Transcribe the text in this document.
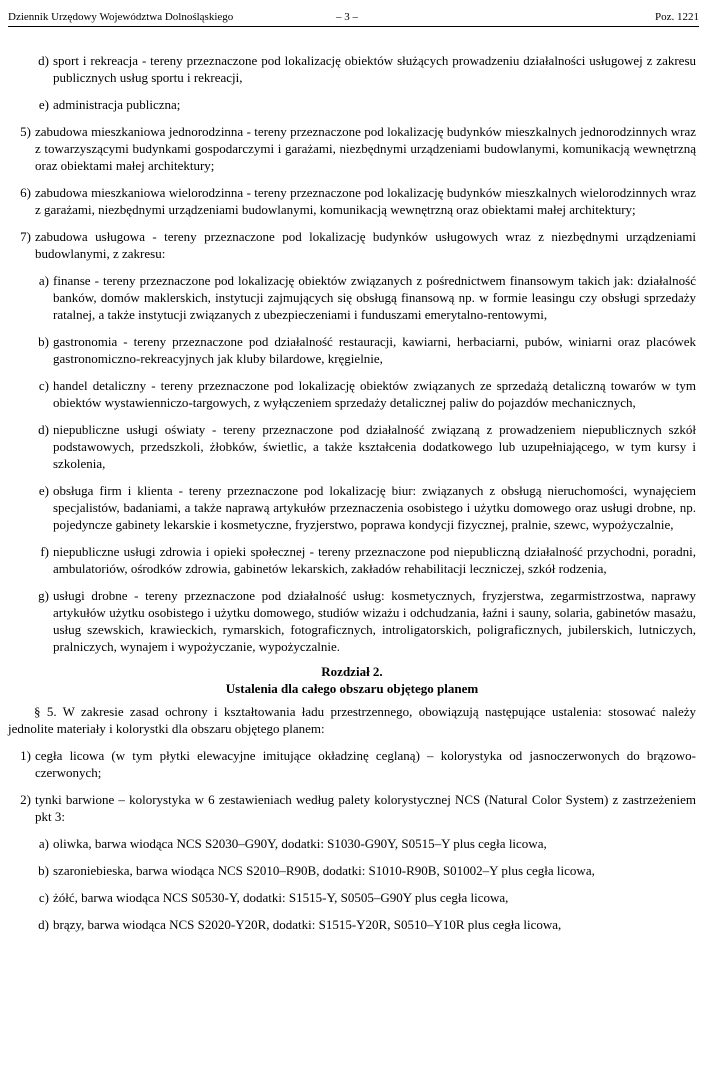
Dziennik Urzędowy Województwa Dolnośląskiego	– 3 –	Poz. 1221
d) sport i rekreacja - tereny przeznaczone pod lokalizację obiektów służących prowadzeniu działalności usługowej z zakresu publicznych usług sportu i rekreacji,
e) administracja publiczna;
5) zabudowa mieszkaniowa jednorodzinna - tereny przeznaczone pod lokalizację budynków mieszkalnych jednorodzinnych wraz z towarzyszącymi budynkami gospodarczymi i garażami, niezbędnymi urządzeniami budowlanymi, komunikacją wewnętrzną oraz obiektami małej architektury;
6) zabudowa mieszkaniowa wielorodzinna - tereny przeznaczone pod lokalizację budynków mieszkalnych wielorodzinnych wraz z garażami, niezbędnymi urządzeniami budowlanymi, komunikacją wewnętrzną oraz obiektami małej architektury;
7) zabudowa usługowa - tereny przeznaczone pod lokalizację budynków usługowych wraz z niezbędnymi urządzeniami budowlanymi, z zakresu:
a) finanse - tereny przeznaczone pod lokalizację obiektów związanych z pośrednictwem finansowym takich jak: działalność banków, domów maklerskich, instytucji zajmujących się obsługą finansową np. w formie leasingu czy obsługi sprzedaży ratalnej, a także instytucji związanych z ubezpieczeniami i funduszami emerytalno-rentowymi,
b) gastronomia - tereny przeznaczone pod działalność restauracji, kawiarni, herbaciarni, pubów, winiarni oraz placówek gastronomiczno-rekreacyjnych jak kluby bilardowe, kręgielnie,
c) handel detaliczny - tereny przeznaczone pod lokalizację obiektów związanych ze sprzedażą detaliczną towarów w tym obiektów wystawienniczo-targowych, z wyłączeniem sprzedaży detalicznej paliw do pojazdów mechanicznych,
d) niepubliczne usługi oświaty - tereny przeznaczone pod działalność związaną z prowadzeniem niepublicznych szkół podstawowych, przedszkoli, żłobków, świetlic, a także kształcenia dodatkowego lub uzupełniającego, w tym kursy i szkolenia,
e) obsługa firm i klienta - tereny przeznaczone pod lokalizację biur: związanych z obsługą nieruchomości, wynajęciem specjalistów, badaniami, a także naprawą artykułów przeznaczenia osobistego i użytku domowego oraz usługi drobne, np. pojedyncze gabinety lekarskie i kosmetyczne, fryzjerstwo, poprawa kondycji fizycznej, pralnie, szewc, wypożyczalnie,
f) niepubliczne usługi zdrowia i opieki społecznej - tereny przeznaczone pod niepubliczną działalność przychodni, poradni, ambulatoriów, ośrodków zdrowia, gabinetów lekarskich, zakładów rehabilitacji leczniczej, szkół rodzenia,
g) usługi drobne - tereny przeznaczone pod działalność usług: kosmetycznych, fryzjerstwa, zegarmistrzostwa, naprawy artykułów użytku osobistego i użytku domowego, studiów wizażu i odchudzania, łaźni i sauny, solaria, gabinetów masażu, usług szewskich, krawieckich, rymarskich, fotograficznych, introligatorskich, poligraficznych, jubilerskich, lutniczych, pralniczych, wynajem i wypożyczanie, wypożyczalnie.
Rozdział 2.
Ustalenia dla całego obszaru objętego planem
§ 5. W zakresie zasad ochrony i kształtowania ładu przestrzennego, obowiązują następujące ustalenia: stosować należy jednolite materiały i kolorystki dla obszaru objętego planem:
1) cegła licowa (w tym płytki elewacyjne imitujące okładzinę ceglaną) – kolorystyka od jasnoczerwonych do brązowo-czerwonych;
2) tynki barwione – kolorystyka w 6 zestawieniach według palety kolorystycznej NCS (Natural Color System) z zastrzeżeniem pkt 3:
a) oliwka, barwa wiodąca NCS S2030–G90Y, dodatki: S1030-G90Y, S0515–Y plus cegła licowa,
b) szaroniebieska, barwa wiodąca NCS S2010–R90B, dodatki: S1010-R90B, S01002–Y plus cegła licowa,
c) żółć, barwa wiodąca NCS S0530-Y, dodatki: S1515-Y, S0505–G90Y plus cegła licowa,
d) brązy, barwa wiodąca NCS S2020-Y20R, dodatki: S1515-Y20R, S0510–Y10R plus cegła licowa,
